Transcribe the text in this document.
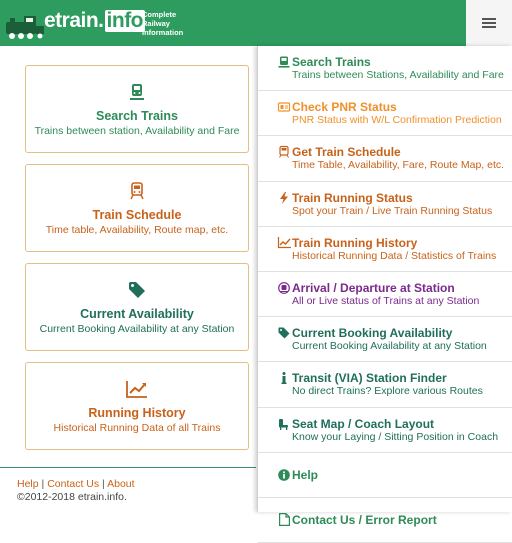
etrain. info
Complete
Railway
Information
Search Trains
Trains between station, Availability and Fare
Train Schedule
Time table, Availability, Route map, etc.
Current Availability
Current Booking Availability at any Station
Running History
Historical Running Data of all Trains
Help | Contact Us | About
©2012-2018 etrain.info.
Search Trains
Trains between Stations, Availability and Fare
Check PNR Status
PNR Status with W/L Confirmation Prediction
Get Train Schedule
Time Table, Availability, Fare, Route Map, etc.
Train Running Status
Spot your Train / Live Train Running Status
Train Running History
Historical Running Data / Statistics of Trains
Arrival / Departure at Station
All or Live status of Trains at any Station
Current Booking Availability
Current Booking Availability at any Station
Transit (VIA) Station Finder
No direct Trains? Explore various Routes
Seat Map / Coach Layout
Know your Laying / Sitting Position in Coach
Help
Contact Us / Error Report
